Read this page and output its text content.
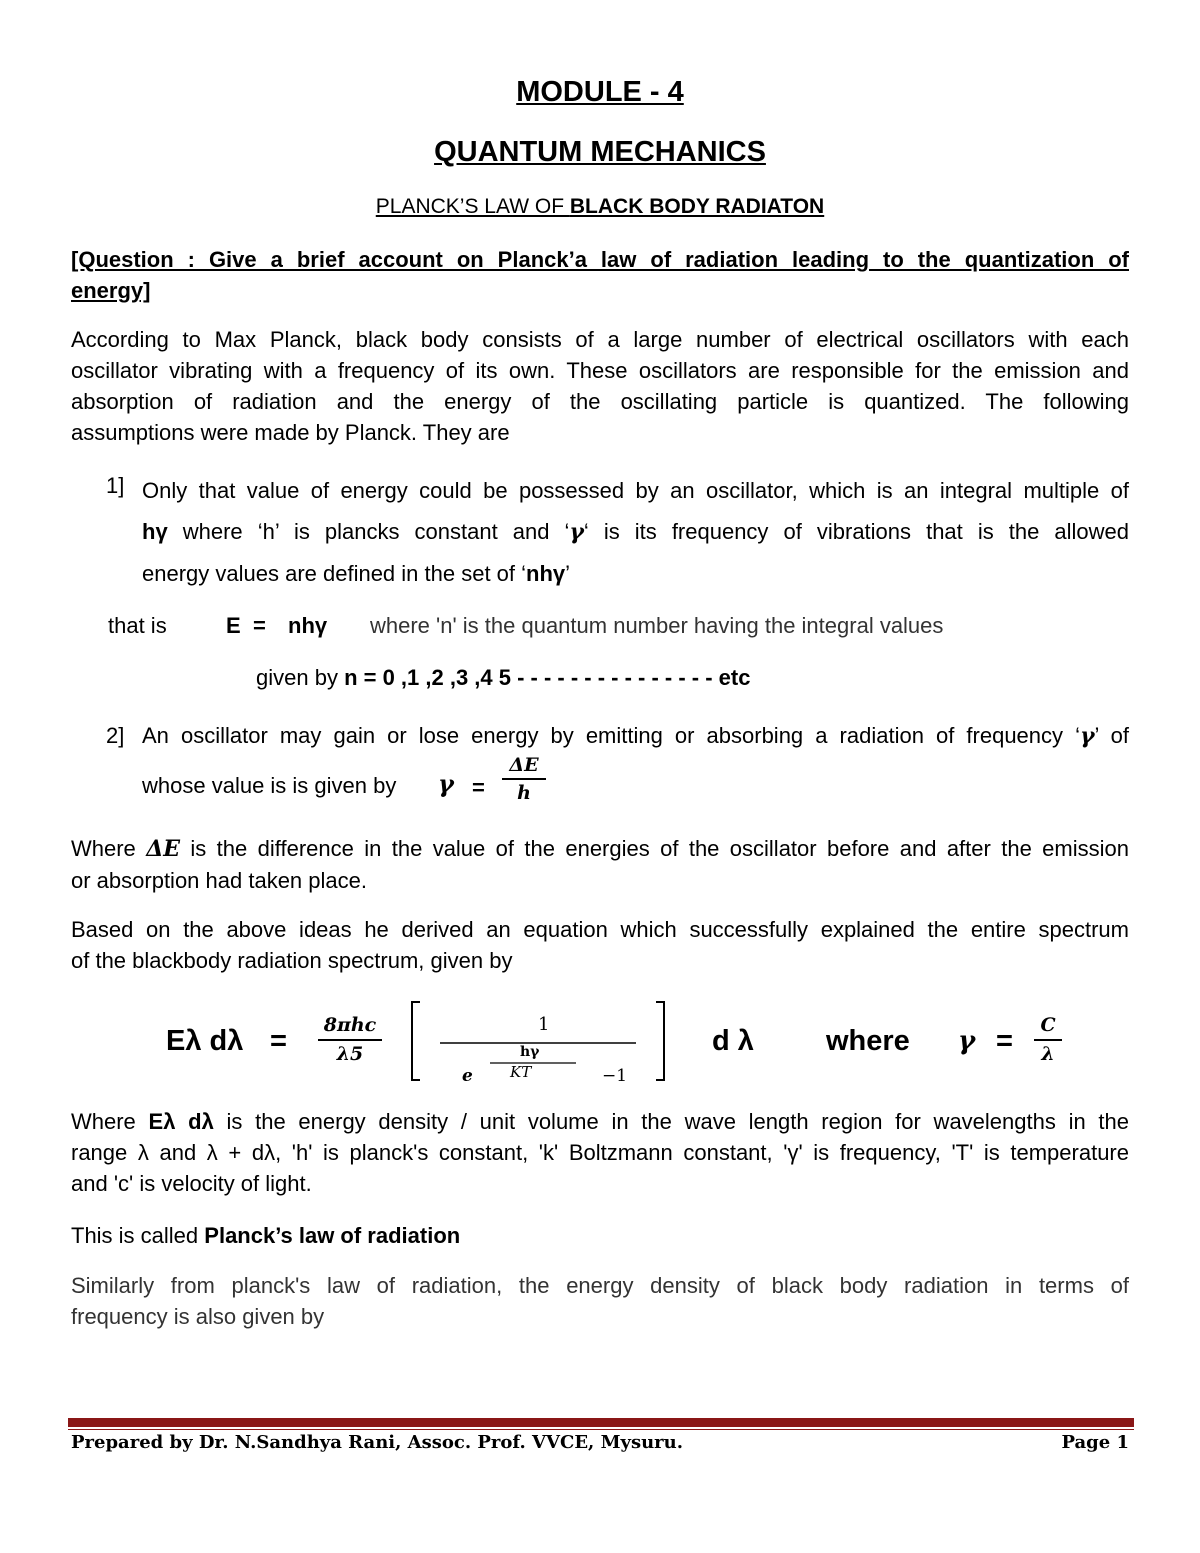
MODULE - 4
QUANTUM MECHANICS
PLANCK’S LAW OF BLACK BODY RADIATON
[Question : Give a brief account on Planck’a law of radiation leading to the quantization of
energy]
According to Max Planck, black body consists of a large number of electrical oscillators with each
oscillator vibrating with a frequency of its own. These oscillators are responsible for the emission and
absorption of radiation and the energy of the oscillating particle is quantized. The following
assumptions were made by Planck. They are
1] Only that value of energy could be possessed by an oscillator, which is an integral multiple of
hγ where ‘h’ is plancks constant and ‘γ‘ is its frequency of vibrations that is the allowed
energy values are defined in the set of ‘nhγ’
that is	E = nhγ where 'n' is the quantum number having the integral values
given by n = 0 ,1 ,2 ,3 ,4 5 - - - - - - - - - - - - - - - etc
2] An oscillator may gain or lose energy by emitting or absorbing a radiation of frequency ‘γ’ of
whose value is is given by $\gamma = \frac{\Delta E}{h}$
Where ΔE is the difference in the value of the energies of the oscillator before and after the emission
or absorption had taken place.
Based on the above ideas he derived an equation which successfully explained the entire spectrum
of the blackbody radiation spectrum, given by
Eλ dλ =	8πhc
λ5
1
e
hγ
KT	−1
d λ where $\gamma = \frac{C}{\lambda}$
Where Eλ dλ is the energy density / unit volume in the wave length region for wavelengths in the
range λ and λ + dλ, 'h' is planck's constant, 'k' Boltzmann constant, 'γ' is frequency, 'T' is temperature
and 'c' is velocity of light.
This is called Planck’s law of radiation
Similarly from planck's law of radiation, the energy density of black body radiation in terms of
frequency is also given by
Prepared by Dr. N.Sandhya Rani, Assoc. Prof. VVCE, Mysuru.	Page 1
